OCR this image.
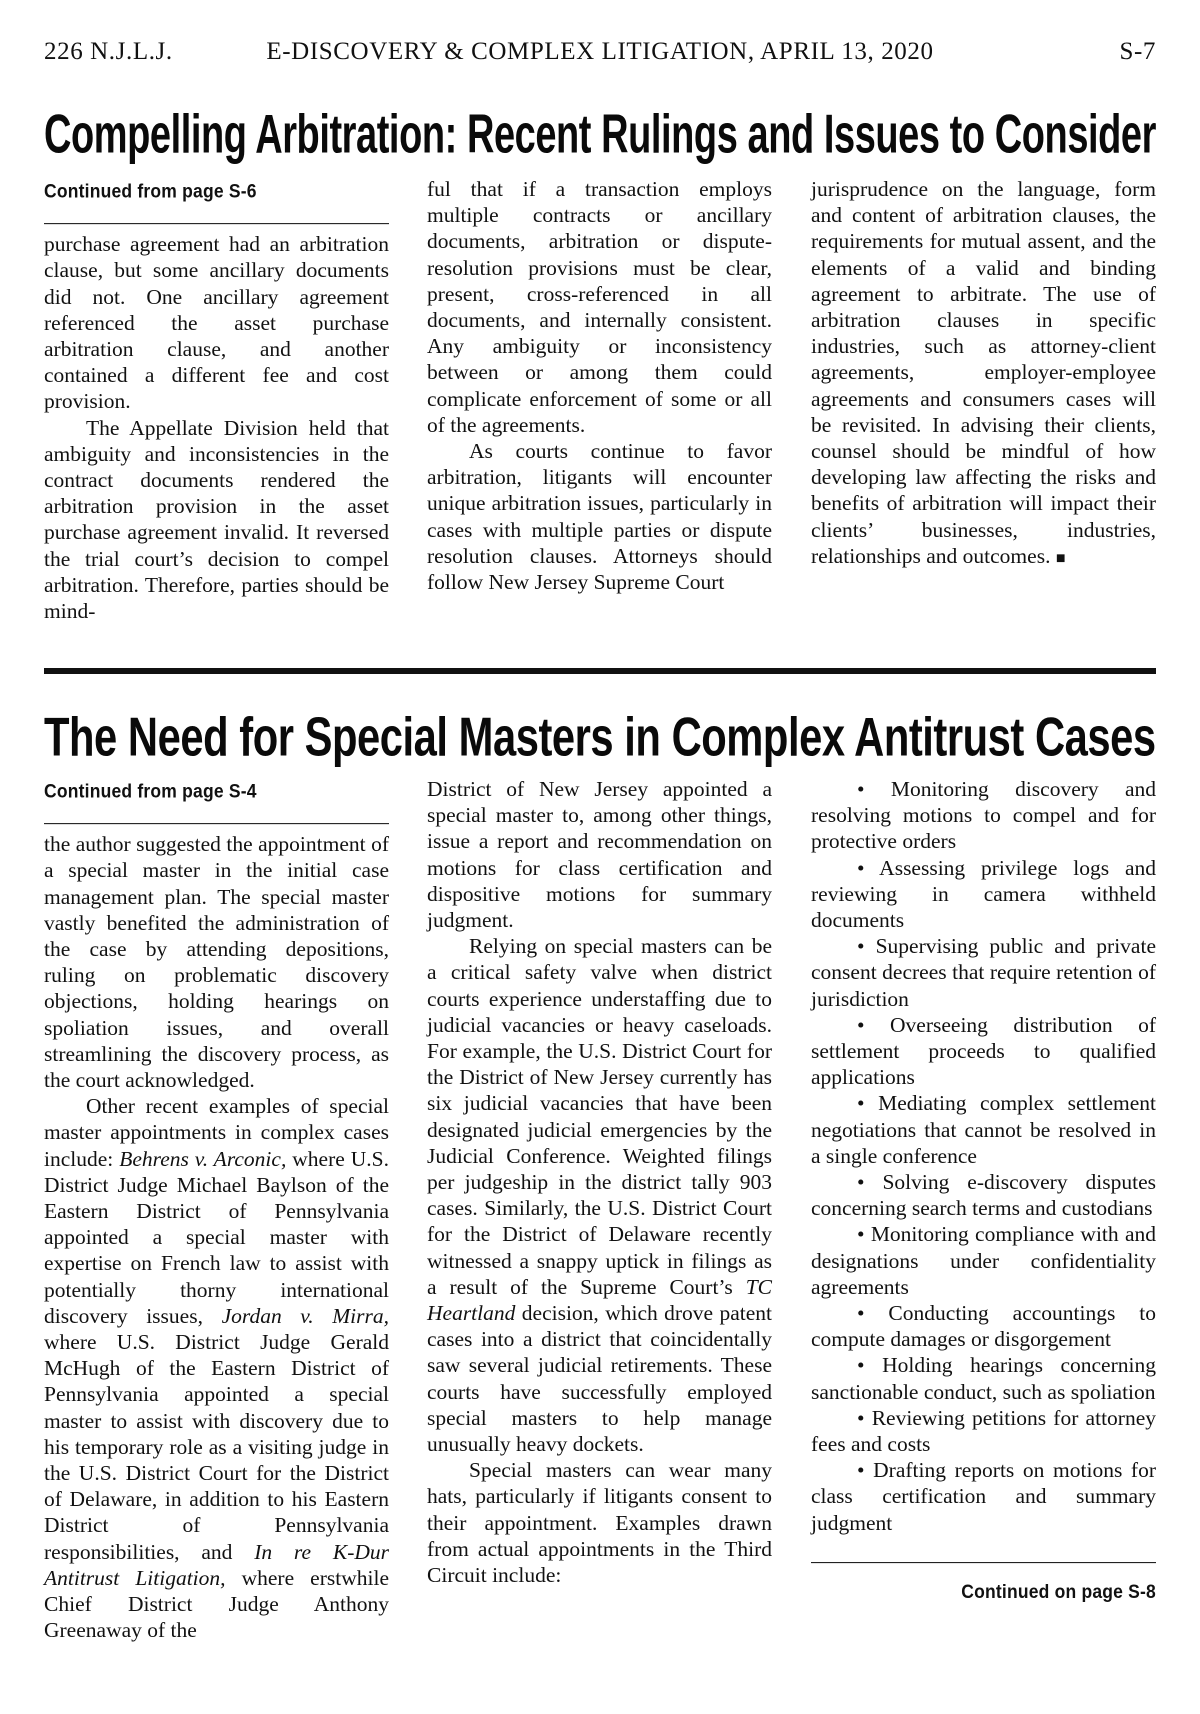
226 N.J.L.J.	E-DISCOVERY & COMPLEX LITIGATION, APRIL 13, 2020	S-7
Compelling Arbitration: Recent Rulings and Issues to Consider
Continued from page S-6

purchase agreement had an arbitration clause, but some ancillary documents did not. One ancillary agreement referenced the asset purchase arbitration clause, and another contained a different fee and cost provision.

The Appellate Division held that ambiguity and inconsistencies in the contract documents rendered the arbitration provision in the asset purchase agreement invalid. It reversed the trial court’s decision to compel arbitration. Therefore, parties should be mind-

ful that if a transaction employs multiple contracts or ancillary documents, arbitration or dispute-resolution provisions must be clear, present, cross-referenced in all documents, and internally consistent. Any ambiguity or inconsistency between or among them could complicate enforcement of some or all of the agreements.

As courts continue to favor arbitration, litigants will encounter unique arbitration issues, particularly in cases with multiple parties or dispute resolution clauses. Attorneys should follow New Jersey Supreme Court

jurisprudence on the language, form and content of arbitration clauses, the requirements for mutual assent, and the elements of a valid and binding agreement to arbitrate. The use of arbitration clauses in specific industries, such as attorney-client agreements, employer-employee agreements and consumers cases will be revisited. In advising their clients, counsel should be mindful of how developing law affecting the risks and benefits of arbitration will impact their clients’ businesses, industries, relationships and outcomes. ■

The Need for Special Masters in Complex Antitrust Cases
Continued from page S-4

the author suggested the appointment of a special master in the initial case management plan. The special master vastly benefited the administration of the case by attending depositions, ruling on problematic discovery objections, holding hearings on spoliation issues, and overall streamlining the discovery process, as the court acknowledged.

Other recent examples of special master appointments in complex cases include: Behrens v. Arconic, where U.S. District Judge Michael Baylson of the Eastern District of Pennsylvania appointed a special master with expertise on French law to assist with potentially thorny international discovery issues, Jordan v. Mirra, where U.S. District Judge Gerald McHugh of the Eastern District of Pennsylvania appointed a special master to assist with discovery due to his temporary role as a visiting judge in the U.S. District Court for the District of Delaware, in addition to his Eastern District of Pennsylvania responsibilities, and In re K-Dur Antitrust Litigation, where erstwhile Chief District Judge Anthony Greenaway of the

District of New Jersey appointed a special master to, among other things, issue a report and recommendation on motions for class certification and dispositive motions for summary judgment.

Relying on special masters can be a critical safety valve when district courts experience understaffing due to judicial vacancies or heavy caseloads. For example, the U.S. District Court for the District of New Jersey currently has six judicial vacancies that have been designated judicial emergencies by the Judicial Conference. Weighted filings per judgeship in the district tally 903 cases. Similarly, the U.S. District Court for the District of Delaware recently witnessed a snappy uptick in filings as a result of the Supreme Court’s TC Heartland decision, which drove patent cases into a district that coincidentally saw several judicial retirements. These courts have successfully employed special masters to help manage unusually heavy dockets.

Special masters can wear many hats, particularly if litigants consent to their appointment. Examples drawn from actual appointments in the Third Circuit include:

• Monitoring discovery and resolving motions to compel and for protective orders

• Assessing privilege logs and reviewing in camera withheld documents

• Supervising public and private consent decrees that require retention of jurisdiction

• Overseeing distribution of settlement proceeds to qualified applications

• Mediating complex settlement negotiations that cannot be resolved in a single conference

• Solving e-discovery disputes concerning search terms and custodians

• Monitoring compliance with and designations under confidentiality agreements

• Conducting accountings to compute damages or disgorgement

• Holding hearings concerning sanctionable conduct, such as spoliation

• Reviewing petitions for attorney fees and costs

• Drafting reports on motions for class certification and summary judgment

Continued on page S-8
